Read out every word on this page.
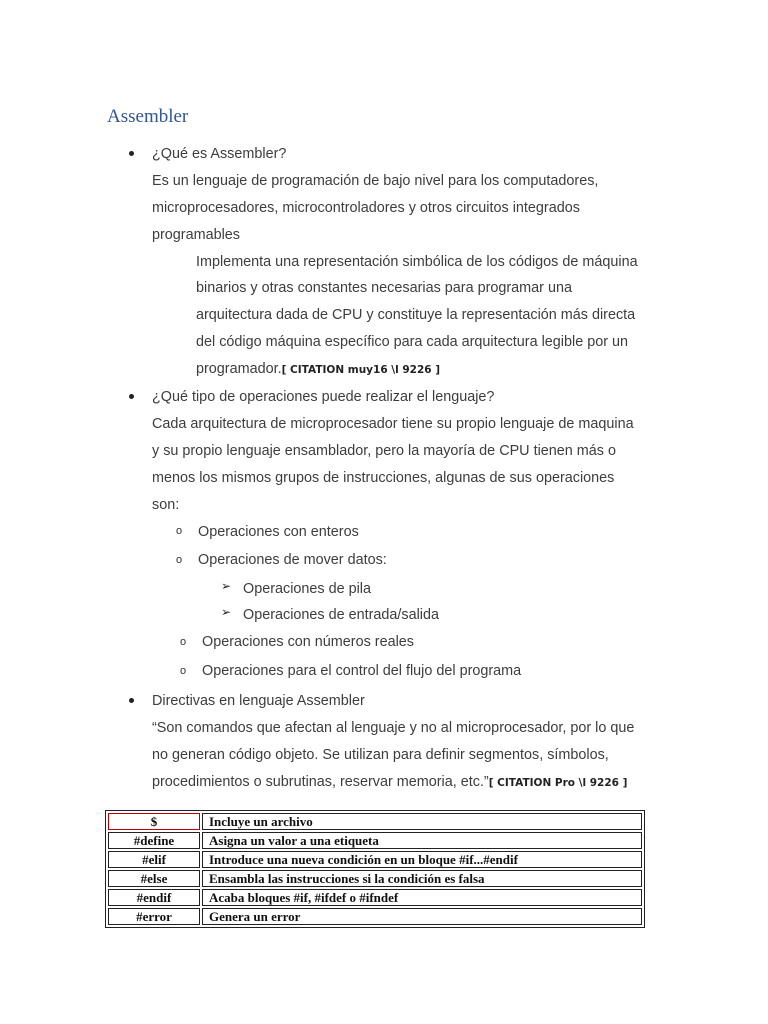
Assembler
¿Qué es Assembler?
Es un lenguaje de programación de bajo nivel para los computadores,
microprocesadores, microcontroladores y otros circuitos integrados
programables
Implementa una representación simbólica de los códigos de máquina
binarios y otras constantes necesarias para programar una
arquitectura dada de CPU y constituye la representación más directa
del código máquina específico para cada arquitectura legible por un
programador.[ CITATION muy16 \l 9226 ]
¿Qué tipo de operaciones puede realizar el lenguaje?
Cada arquitectura de microprocesador tiene su propio lenguaje de maquina
y su propio lenguaje ensamblador, pero la mayoría de CPU tienen más o
menos los mismos grupos de instrucciones, algunas de sus operaciones
son:
o Operaciones con enteros
o Operaciones de mover datos:
➢ Operaciones de pila
➢ Operaciones de entrada/salida
o Operaciones con números reales
o Operaciones para el control del flujo del programa
Directivas en lenguaje Assembler
“Son comandos que afectan al lenguaje y no al microprocesador, por lo que
no generan código objeto. Se utilizan para definir segmentos, símbolos,
procedimientos o subrutinas, reservar memoria, etc.”[ CITATION Pro \l 9226 ]
$	Incluye un archivo
#define	Asigna un valor a una etiqueta
#elif	Introduce una nueva condición en un bloque #if...#endif
#else	Ensambla las instrucciones si la condición es falsa
#endif	Acaba bloques #if, #ifdef o #ifndef
#error	Genera un error
